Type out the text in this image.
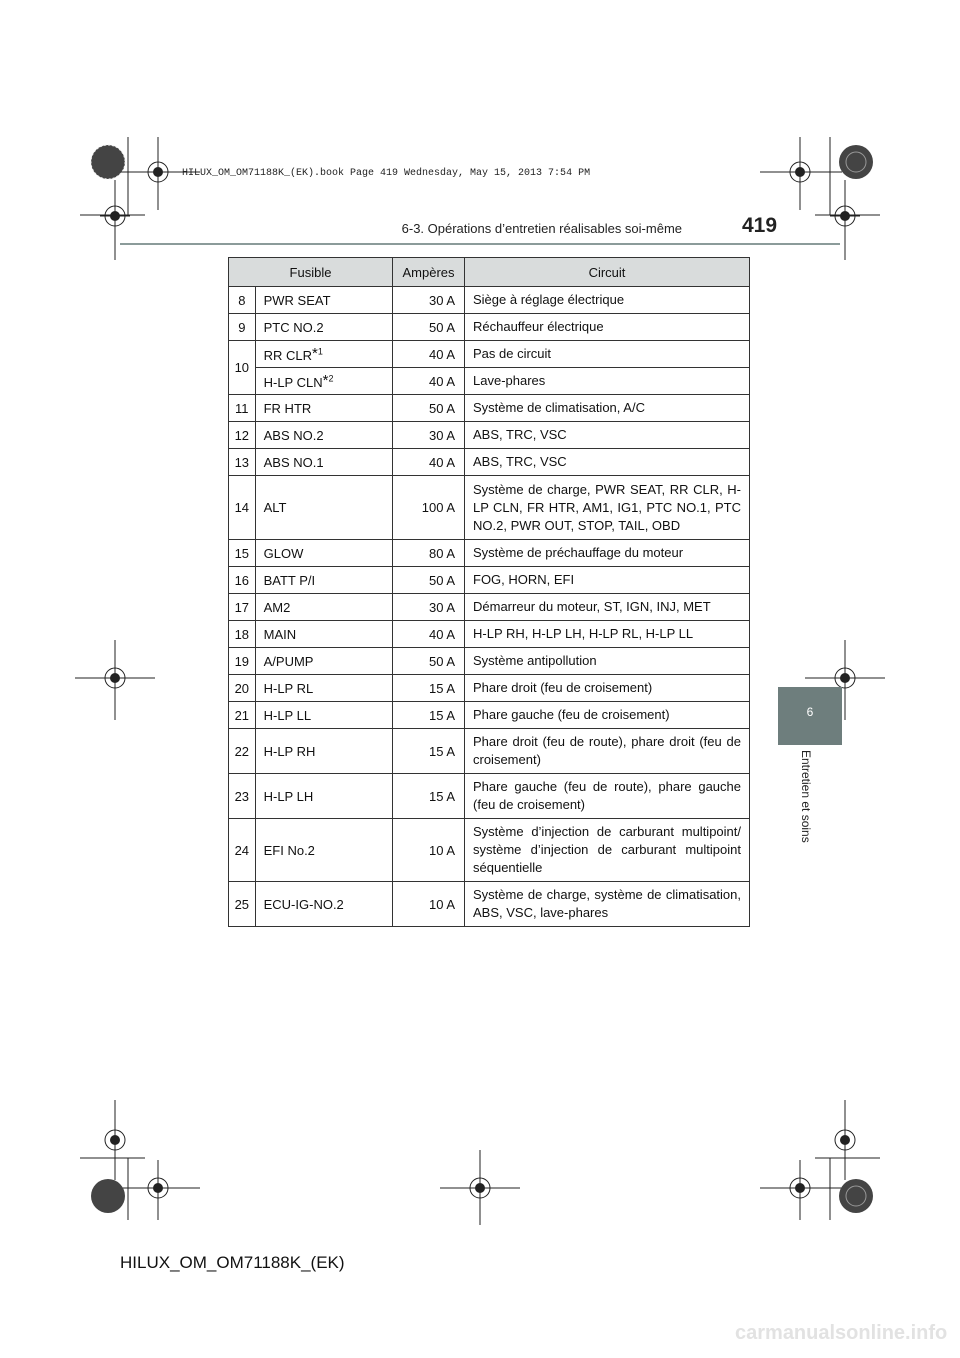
HILUX_OM_OM71188K_(EK).book Page 419 Wednesday, May 15, 2013 7:54 PM
6-3. Opérations d’entretien réalisables soi-même	419
6
Entretien et soins
Fusible		Ampères	Circuit
8	PWR SEAT	30 A	Siège à réglage électrique
9	PTC NO.2	50 A	Réchauffeur électrique
10	RR CLR*$^1$	40 A	Pas de circuit
	H-LP CLN*$^2$	40 A	Lave-phares
11	FR HTR	50 A	Système de climatisation, A/C
12	ABS NO.2	30 A	ABS, TRC, VSC
13	ABS NO.1	40 A	ABS, TRC, VSC
14	ALT	100 A	Système de charge, PWR SEAT, RR CLR, H-LP CLN, FR HTR, AM1, IG1, PTC NO.1, PTC NO.2, PWR OUT, STOP, TAIL, OBD
15	GLOW	80 A	Système de préchauffage du moteur
16	BATT P/I	50 A	FOG, HORN, EFI
17	AM2	30 A	Démarreur du moteur, ST, IGN, INJ, MET
18	MAIN	40 A	H-LP RH, H-LP LH, H-LP RL, H-LP LL
19	A/PUMP	50 A	Système antipollution
20	H-LP RL	15 A	Phare droit (feu de croisement)
21	H-LP LL	15 A	Phare gauche (feu de croisement)
22	H-LP RH	15 A	Phare droit (feu de route), phare droit (feu de croisement)
23	H-LP LH	15 A	Phare gauche (feu de route), phare gauche (feu de croisement)
24	EFI No.2	10 A	Système d’injection de carburant multipoint/ système d’injection de carburant multipoint séquentielle
25	ECU-IG-NO.2	10 A	Système de charge, système de climatisation, ABS, VSC, lave-phares
HILUX_OM_OM71188K_(EK)
carmanualsonline.info
